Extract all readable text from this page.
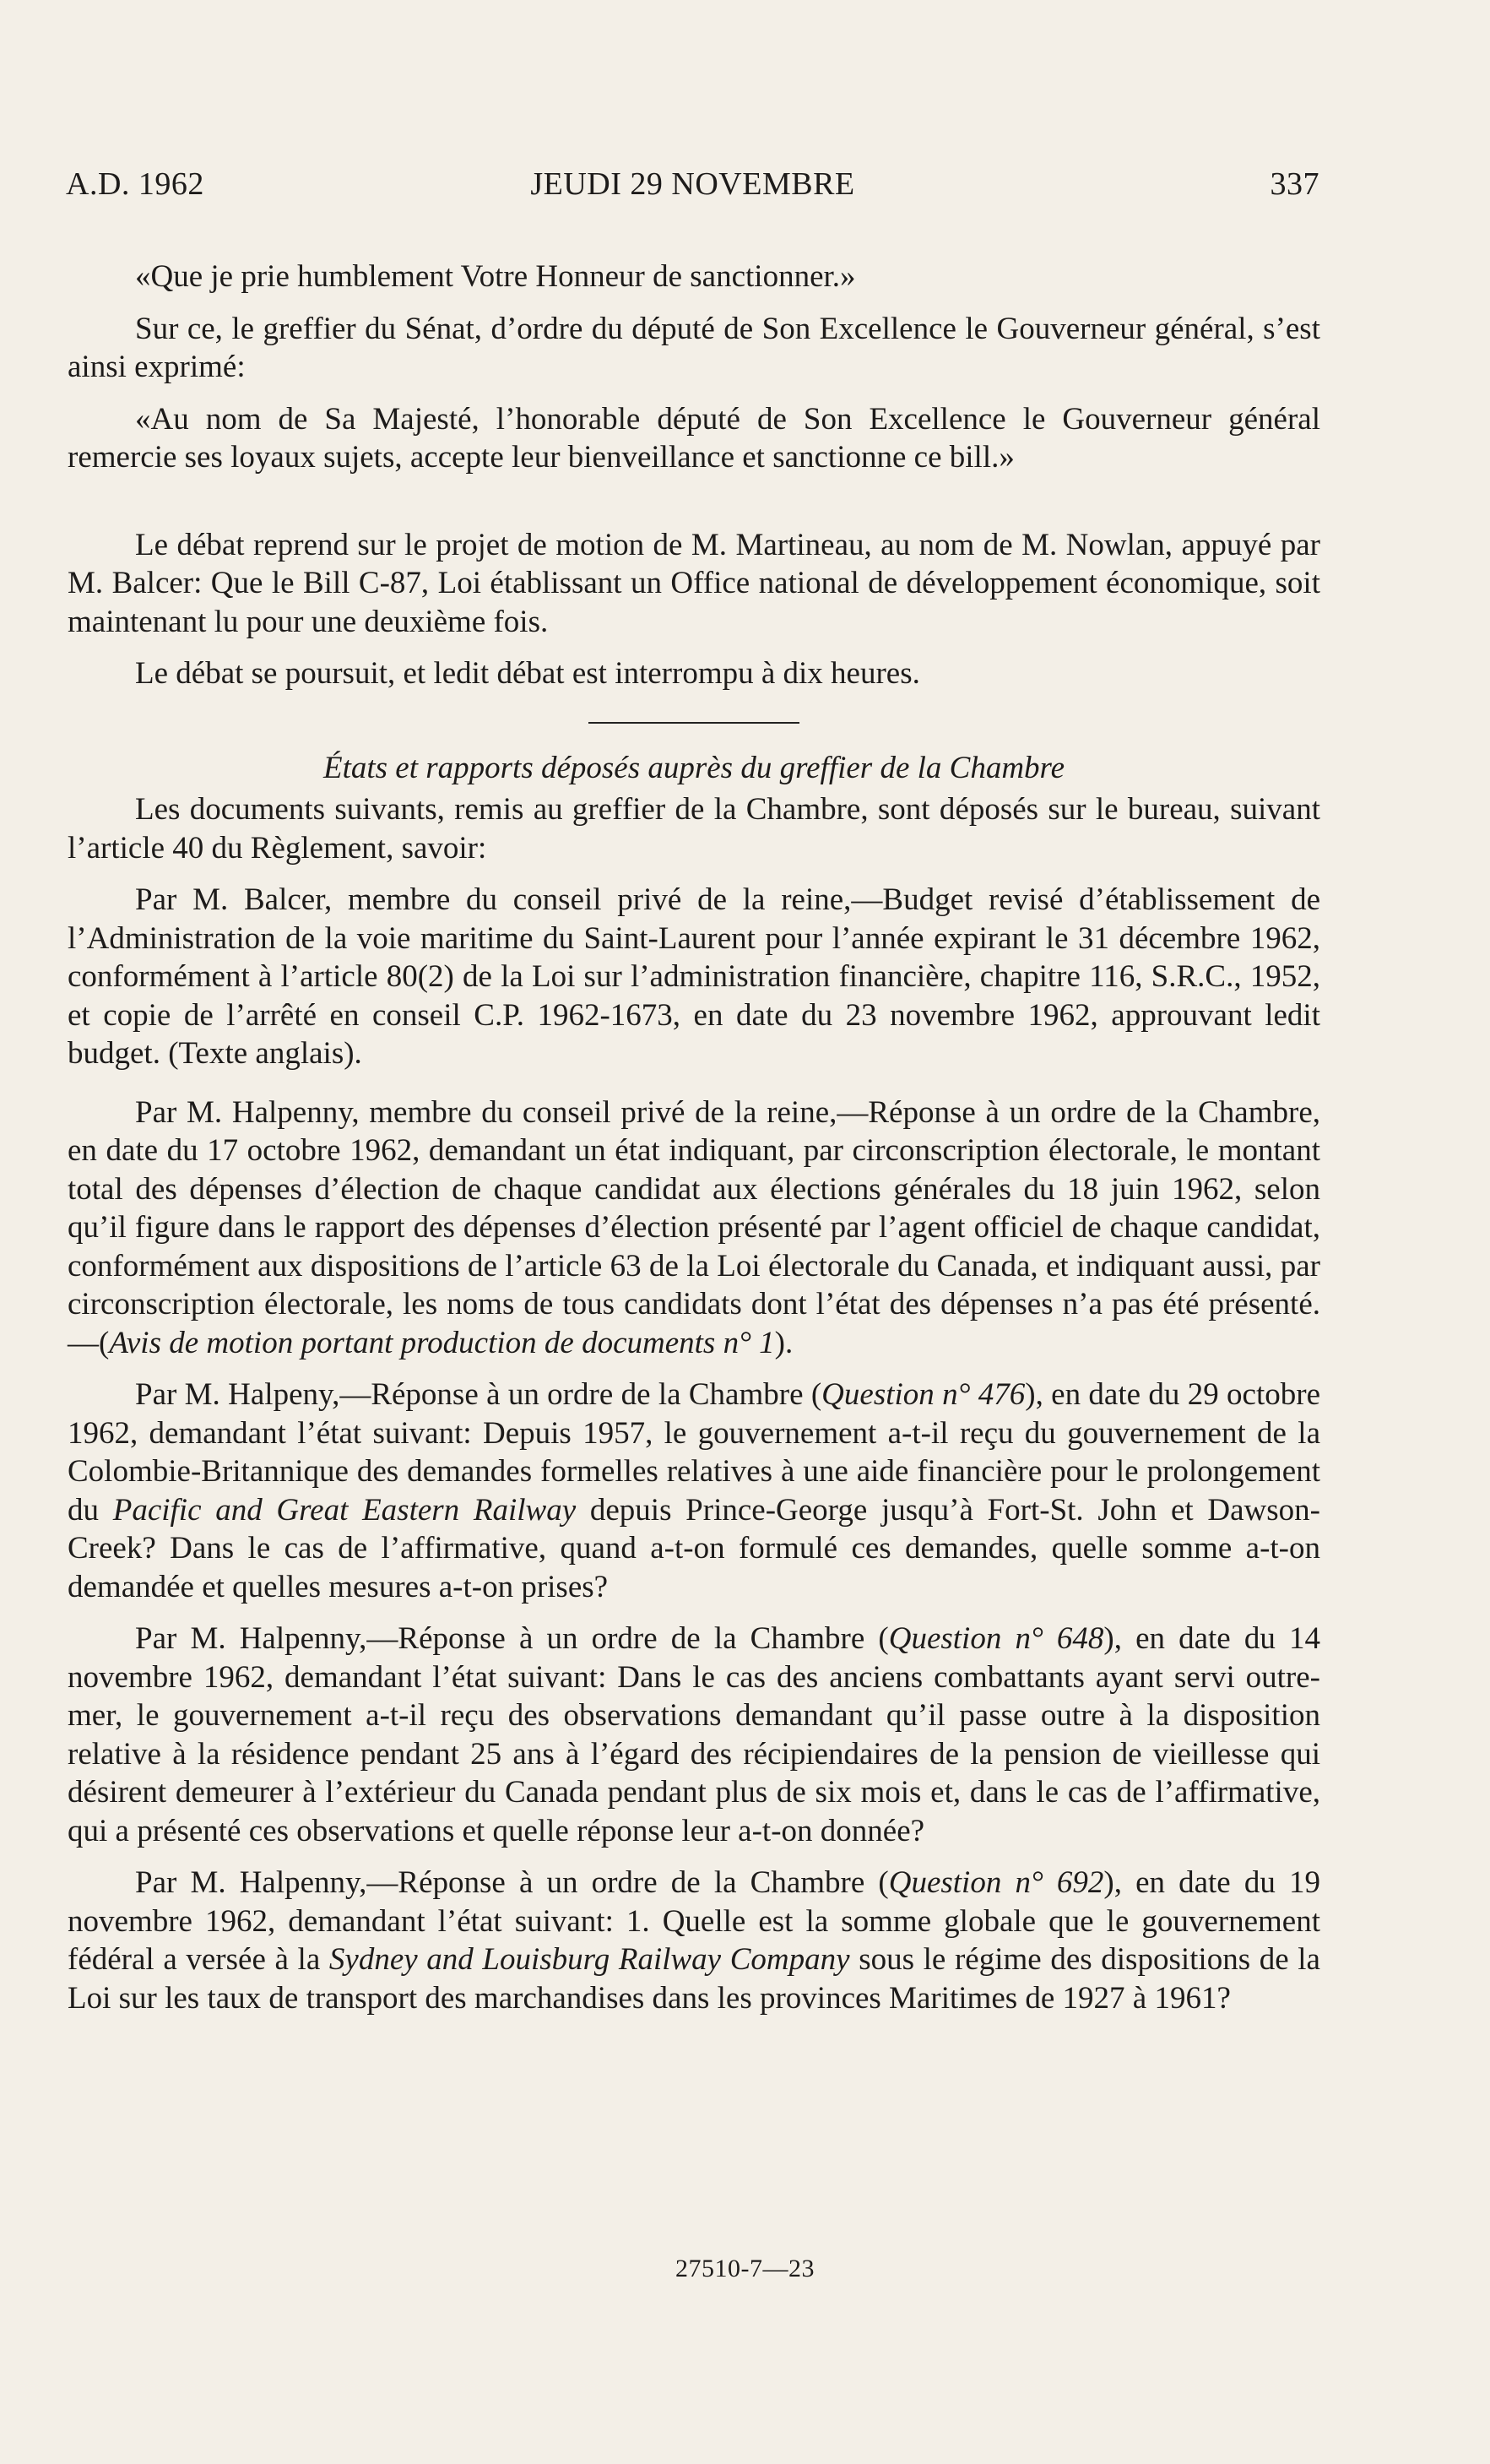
A.D. 1962	JEUDI 29 NOVEMBRE	337

«Que je prie humblement Votre Honneur de sanctionner.»

Sur ce, le greffier du Sénat, d’ordre du député de Son Excellence le Gouverneur général, s’est ainsi exprimé:

«Au nom de Sa Majesté, l’honorable député de Son Excellence le Gouverneur général remercie ses loyaux sujets, accepte leur bienveillance et sanctionne ce bill.»

Le débat reprend sur le projet de motion de M. Martineau, au nom de M. Nowlan, appuyé par M. Balcer: Que le Bill C-87, Loi établissant un Office national de développement économique, soit maintenant lu pour une deuxième fois.

Le débat se poursuit, et ledit débat est interrompu à dix heures.

États et rapports déposés auprès du greffier de la Chambre

Les documents suivants, remis au greffier de la Chambre, sont déposés sur le bureau, suivant l’article 40 du Règlement, savoir:

Par M. Balcer, membre du conseil privé de la reine,—Budget revisé d’établissement de l’Administration de la voie maritime du Saint-Laurent pour l’année expirant le 31 décembre 1962, conformément à l’article 80(2) de la Loi sur l’administration financière, chapitre 116, S.R.C., 1952, et copie de l’arrêté en conseil C.P. 1962-1673, en date du 23 novembre 1962, approuvant ledit budget. (Texte anglais).

Par M. Halpenny, membre du conseil privé de la reine,—Réponse à un ordre de la Chambre, en date du 17 octobre 1962, demandant un état indiquant, par circonscription électorale, le montant total des dépenses d’élection de chaque candidat aux élections générales du 18 juin 1962, selon qu’il figure dans le rapport des dépenses d’élection présenté par l’agent officiel de chaque candidat, conformément aux dispositions de l’article 63 de la Loi électorale du Canada, et indiquant aussi, par circonscription électorale, les noms de tous candidats dont l’état des dépenses n’a pas été présenté.—(Avis de motion portant production de documents n° 1).

Par M. Halpeny,—Réponse à un ordre de la Chambre (Question n° 476), en date du 29 octobre 1962, demandant l’état suivant: Depuis 1957, le gouvernement a-t-il reçu du gouvernement de la Colombie-Britannique des demandes formelles relatives à une aide financière pour le prolongement du Pacific and Great Eastern Railway depuis Prince-George jusqu’à Fort-St. John et Dawson-Creek? Dans le cas de l’affirmative, quand a-t-on formulé ces demandes, quelle somme a-t-on demandée et quelles mesures a-t-on prises?

Par M. Halpenny,—Réponse à un ordre de la Chambre (Question n° 648), en date du 14 novembre 1962, demandant l’état suivant: Dans le cas des anciens combattants ayant servi outre-mer, le gouvernement a-t-il reçu des observations demandant qu’il passe outre à la disposition relative à la résidence pendant 25 ans à l’égard des récipiendaires de la pension de vieillesse qui désirent demeurer à l’extérieur du Canada pendant plus de six mois et, dans le cas de l’affirmative, qui a présenté ces observations et quelle réponse leur a-t-on donnée?

Par M. Halpenny,—Réponse à un ordre de la Chambre (Question n° 692), en date du 19 novembre 1962, demandant l’état suivant: 1. Quelle est la somme globale que le gouvernement fédéral a versée à la Sydney and Louisburg Railway Company sous le régime des dispositions de la Loi sur les taux de transport des marchandises dans les provinces Maritimes de 1927 à 1961?

27510-7—23
